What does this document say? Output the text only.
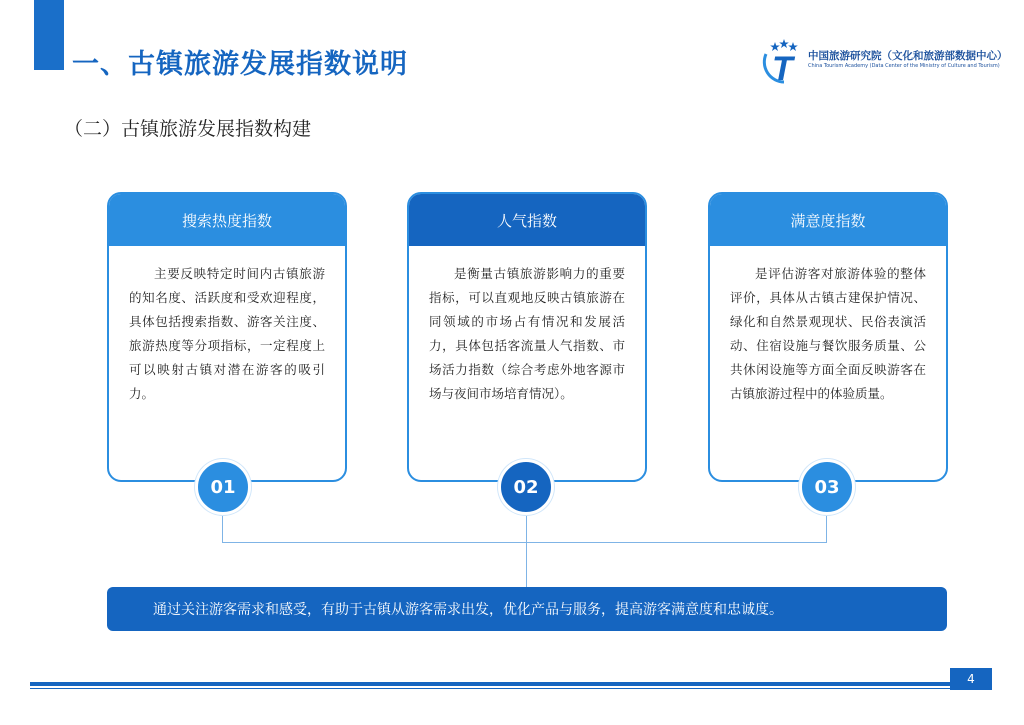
一、古镇旅游发展指数说明	T	中国旅游研究院（文化和旅游部数据中心）
China Tourism Academy (Data Center of the Ministry of Culture and Tourism)
（二）古镇旅游发展指数构建
搜索热度指数
主要反映特定时间内古镇旅游的知名度、活跃度和受欢迎程度，具体包括搜索指数、游客关注度、旅游热度等分项指标，一定程度上可以映射古镇对潜在游客的吸引力。
人气指数
是衡量古镇旅游影响力的重要指标，可以直观地反映古镇旅游在同领域的市场占有情况和发展活力，具体包括客流量人气指数、市场活力指数（综合考虑外地客源市场与夜间市场培育情况）。
满意度指数
是评估游客对旅游体验的整体评价，具体从古镇古建保护情况、绿化和自然景观现状、民俗表演活动、住宿设施与餐饮服务质量、公共休闲设施等方面全面反映游客在古镇旅游过程中的体验质量。
01	02	03
通过关注游客需求和感受，有助于古镇从游客需求出发，优化产品与服务，提高游客满意度和忠诚度。
4
